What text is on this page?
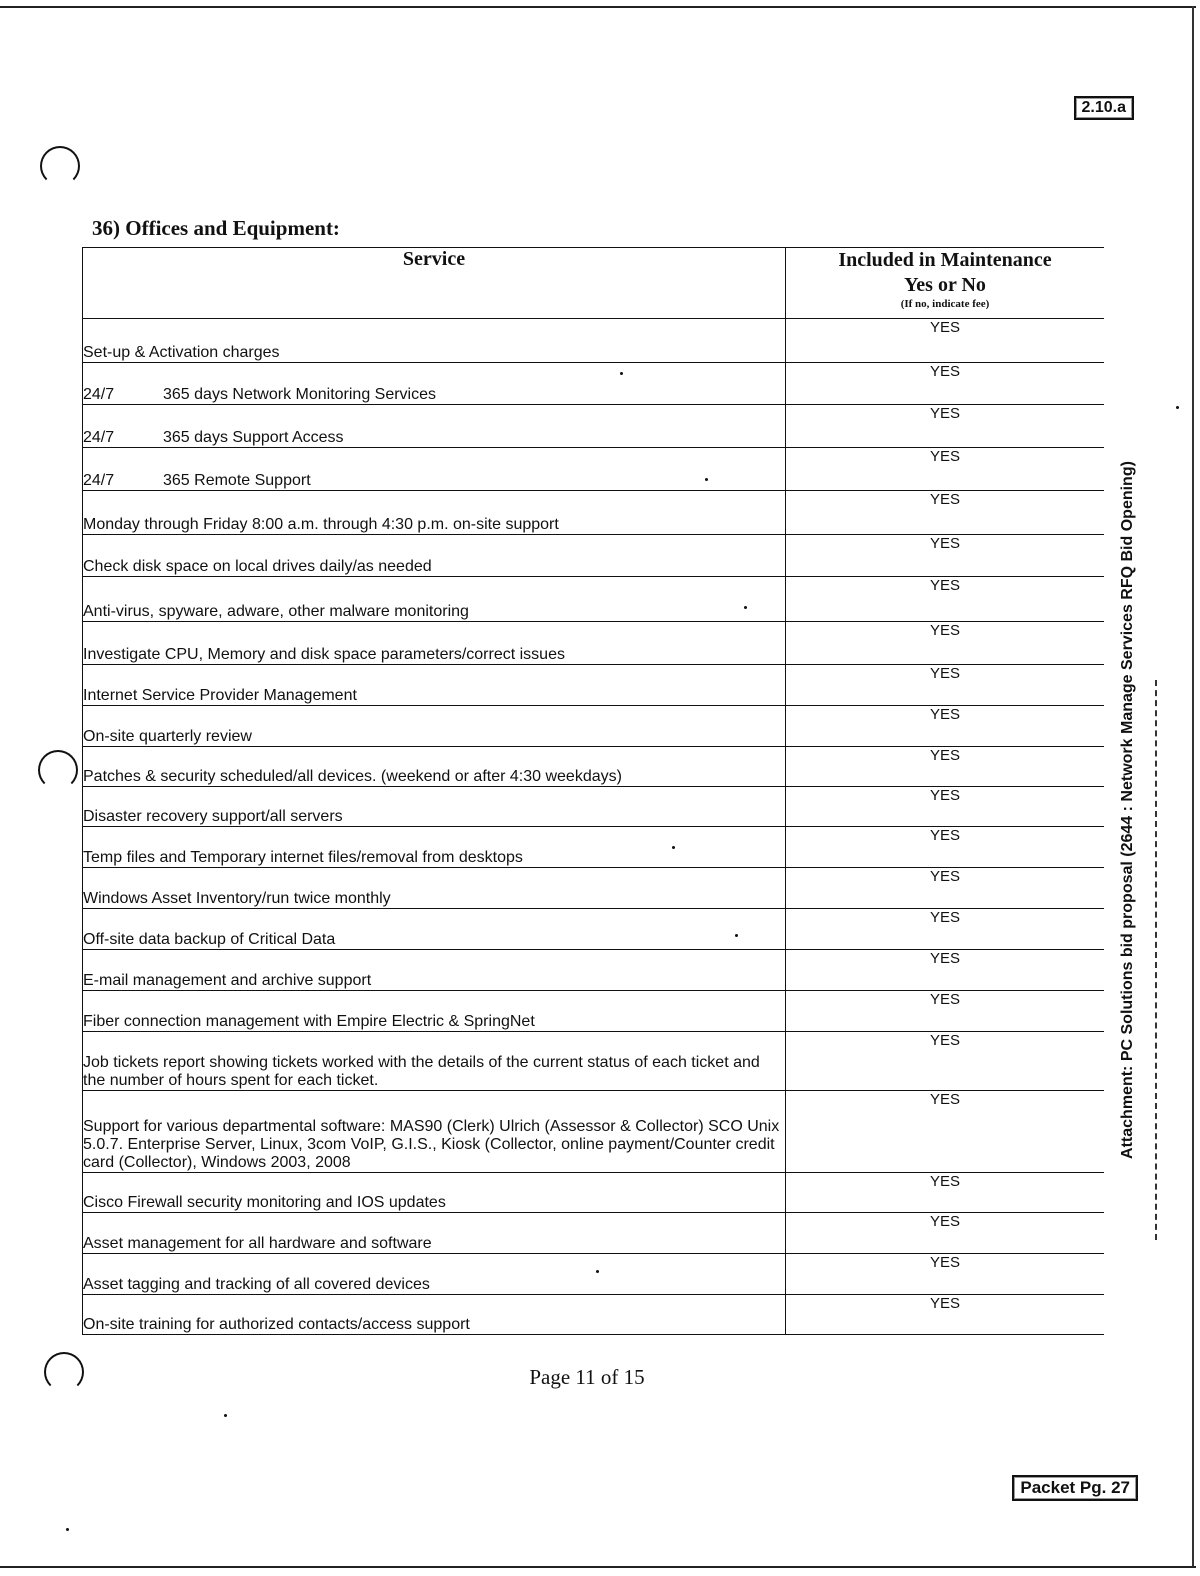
2.10.a
36) Offices and Equipment:
Service	Included in Maintenance
Yes or No
(If no, indicate fee)

Set-up & Activation charges	YES
24/7 365 days Network Monitoring Services	YES
24/7 365 days Support Access	YES
24/7 365 Remote Support	YES
Monday through Friday 8:00 a.m. through 4:30 p.m. on-site support	YES
Check disk space on local drives daily/as needed	YES
Anti-virus, spyware, adware, other malware monitoring	YES
Investigate CPU, Memory and disk space parameters/correct issues	YES
Internet Service Provider Management	YES
On-site quarterly review	YES
Patches & security scheduled/all devices. (weekend or after 4:30 weekdays)	YES
Disaster recovery support/all servers	YES
Temp files and Temporary internet files/removal from desktops	YES
Windows Asset Inventory/run twice monthly	YES
Off-site data backup of Critical Data	YES
E-mail management and archive support	YES
Fiber connection management with Empire Electric & SpringNet	YES
Job tickets report showing tickets worked with the details of the current status of each ticket and the number of hours spent for each ticket.	YES
Support for various departmental software: MAS90 (Clerk) Ulrich (Assessor & Collector) SCO Unix 5.0.7. Enterprise Server, Linux, 3com VoIP, G.I.S., Kiosk (Collector, online payment/Counter credit card (Collector), Windows 2003, 2008	YES
Cisco Firewall security monitoring and IOS updates	YES
Asset management for all hardware and software	YES
Asset tagging and tracking of all covered devices	YES
On-site training for authorized contacts/access support	YES
Page 11 of 15
Attachment: PC Solutions bid proposal (2644 : Network Manage Services RFQ Bid Opening)
Packet Pg. 27
